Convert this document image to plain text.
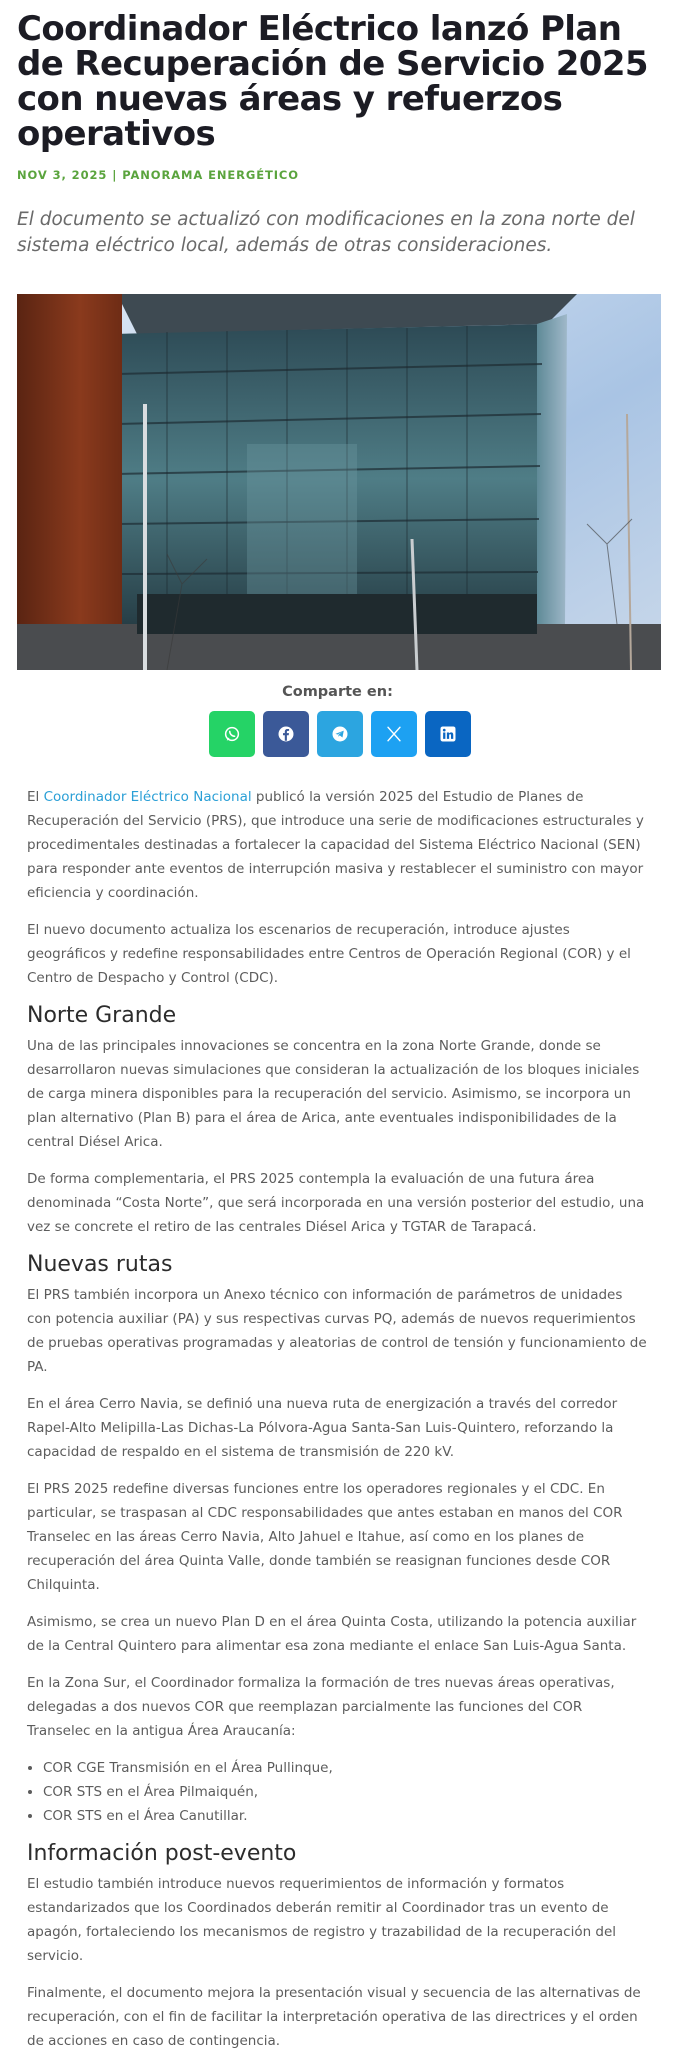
Coordinador Eléctrico lanzó Plan de Recuperación de Servicio 2025 con nuevas áreas y refuerzos operativos
NOV 3, 2025 | PANORAMA ENERGÉTICO

El documento se actualizó con modificaciones en la zona norte del sistema eléctrico local, además de otras consideraciones.

Comparte en:

El Coordinador Eléctrico Nacional publicó la versión 2025 del Estudio de Planes de Recuperación del Servicio (PRS), que introduce una serie de modificaciones estructurales y procedimentales destinadas a fortalecer la capacidad del Sistema Eléctrico Nacional (SEN) para responder ante eventos de interrupción masiva y restablecer el suministro con mayor eficiencia y coordinación.

El nuevo documento actualiza los escenarios de recuperación, introduce ajustes geográficos y redefine responsabilidades entre Centros de Operación Regional (COR) y el Centro de Despacho y Control (CDC).

Norte Grande

Una de las principales innovaciones se concentra en la zona Norte Grande, donde se desarrollaron nuevas simulaciones que consideran la actualización de los bloques iniciales de carga minera disponibles para la recuperación del servicio. Asimismo, se incorpora un plan alternativo (Plan B) para el área de Arica, ante eventuales indisponibilidades de la central Diésel Arica.

De forma complementaria, el PRS 2025 contempla la evaluación de una futura área denominada “Costa Norte”, que será incorporada en una versión posterior del estudio, una vez se concrete el retiro de las centrales Diésel Arica y TGTAR de Tarapacá.

Nuevas rutas

El PRS también incorpora un Anexo técnico con información de parámetros de unidades con potencia auxiliar (PA) y sus respectivas curvas PQ, además de nuevos requerimientos de pruebas operativas programadas y aleatorias de control de tensión y funcionamiento de PA.

En el área Cerro Navia, se definió una nueva ruta de energización a través del corredor Rapel-Alto Melipilla-Las Dichas-La Pólvora-Agua Santa-San Luis-Quintero, reforzando la capacidad de respaldo en el sistema de transmisión de 220 kV.

El PRS 2025 redefine diversas funciones entre los operadores regionales y el CDC. En particular, se traspasan al CDC responsabilidades que antes estaban en manos del COR Transelec en las áreas Cerro Navia, Alto Jahuel e Itahue, así como en los planes de recuperación del área Quinta Valle, donde también se reasignan funciones desde COR Chilquinta.

Asimismo, se crea un nuevo Plan D en el área Quinta Costa, utilizando la potencia auxiliar de la Central Quintero para alimentar esa zona mediante el enlace San Luis-Agua Santa.

En la Zona Sur, el Coordinador formaliza la formación de tres nuevas áreas operativas, delegadas a dos nuevos COR que reemplazan parcialmente las funciones del COR Transelec en la antigua Área Araucanía:

• COR CGE Transmisión en el Área Pullinque,
• COR STS en el Área Pilmaiquén,
• COR STS en el Área Canutillar.
Información post-evento

El estudio también introduce nuevos requerimientos de información y formatos estandarizados que los Coordinados deberán remitir al Coordinador tras un evento de apagón, fortaleciendo los mecanismos de registro y trazabilidad de la recuperación del servicio.

Finalmente, el documento mejora la presentación visual y secuencia de las alternativas de recuperación, con el fin de facilitar la interpretación operativa de las directrices y el orden de acciones en caso de contingencia.
